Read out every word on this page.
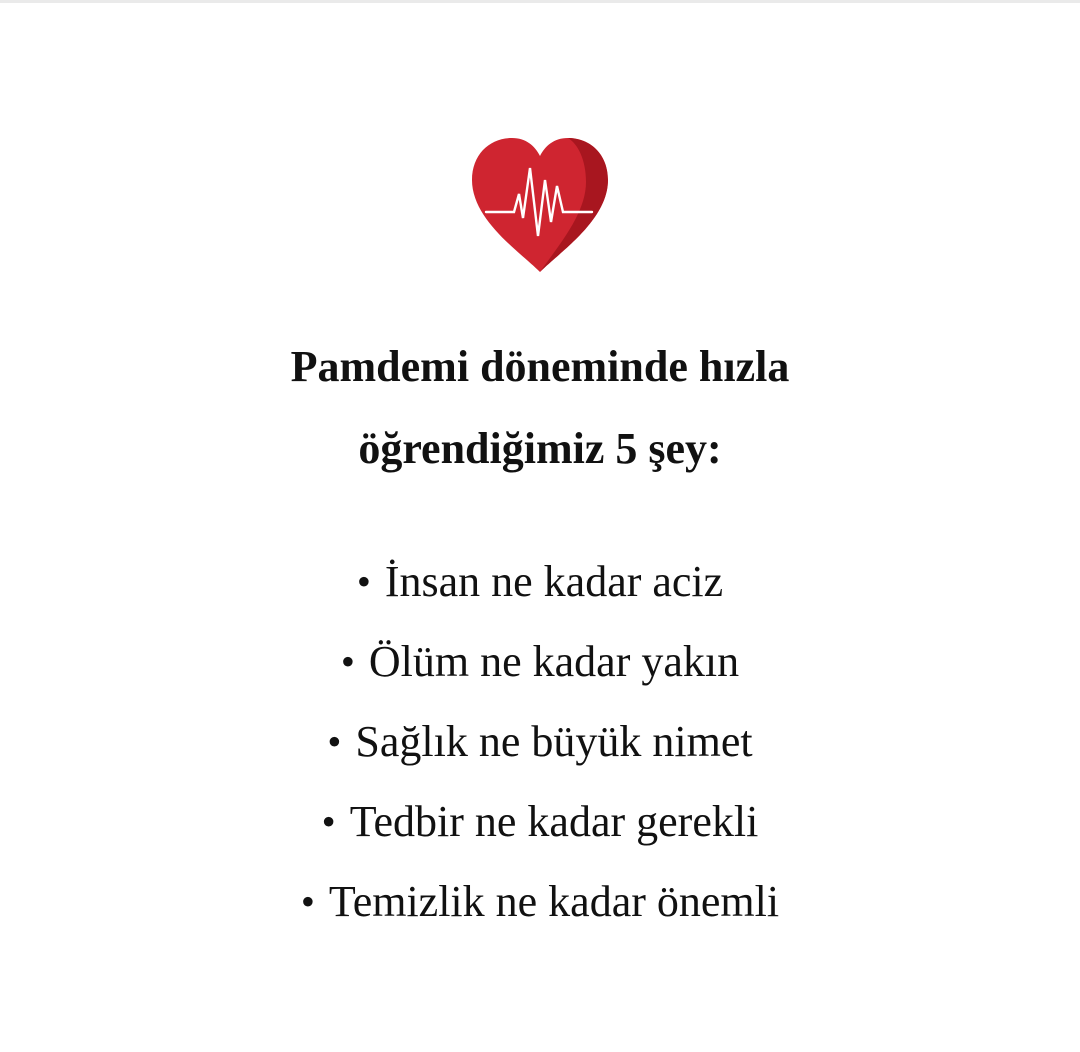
Pamdemi döneminde hızla
öğrendiğimiz 5 şey:
• İnsan ne kadar aciz
• Ölüm ne kadar yakın
• Sağlık ne büyük nimet
• Tedbir ne kadar gerekli
• Temizlik ne kadar önemli
